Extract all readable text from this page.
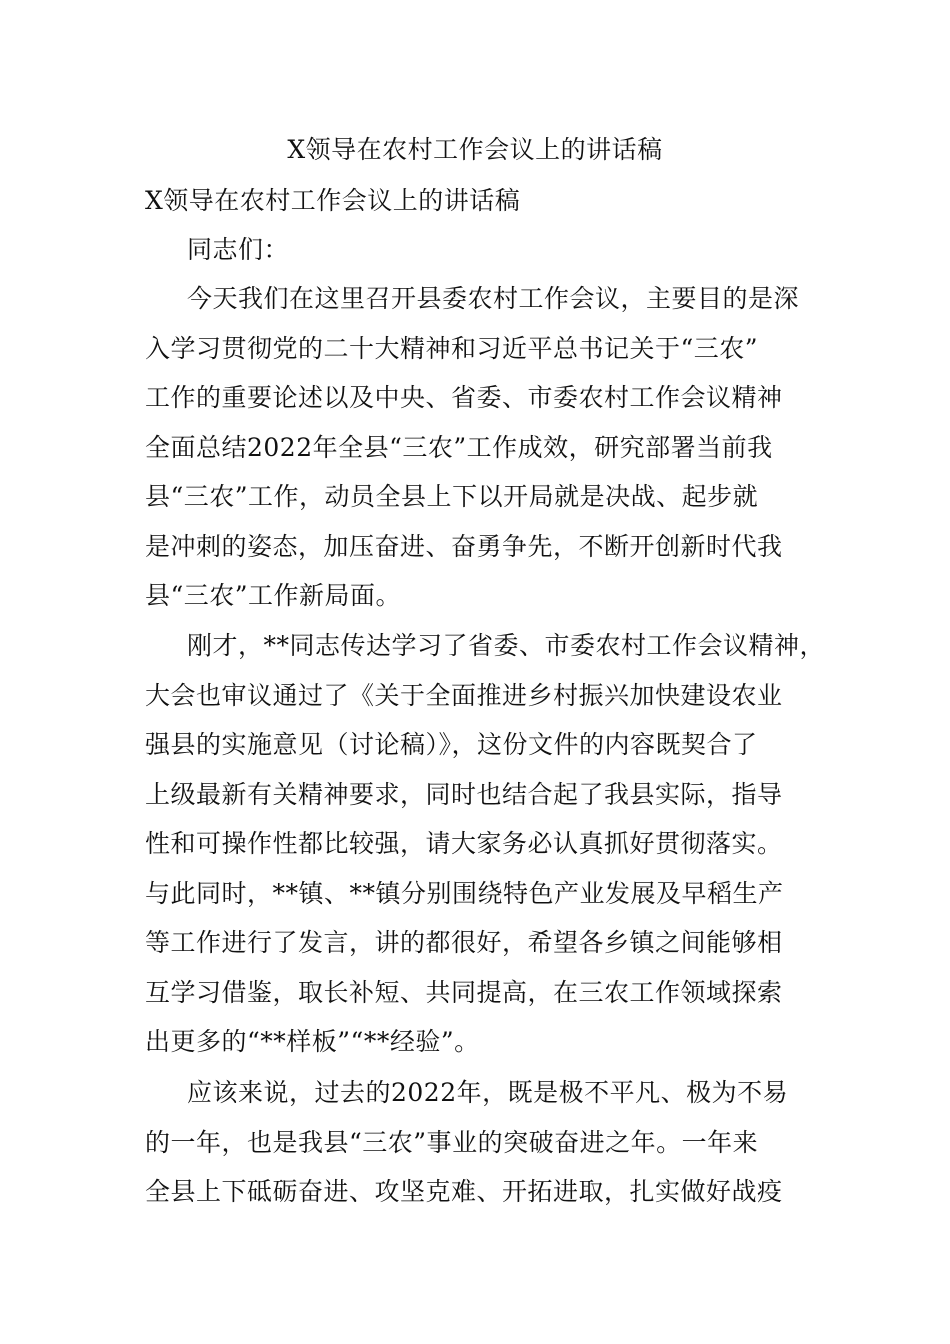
X领导在农村工作会议上的讲话稿
X领导在农村工作会议上的讲话稿
同志们：
今天我们在这里召开县委农村工作会议，主要目的是深
入学习贯彻党的二十大精神和习近平总书记关于“三农”
工作的重要论述以及中央、省委、市委农村工作会议精神
全面总结2022年全县“三农”工作成效，研究部署当前我
县“三农”工作，动员全县上下以开局就是决战、起步就
是冲刺的姿态，加压奋进、奋勇争先，不断开创新时代我
县“三农”工作新局面。
刚才，**同志传达学习了省委、市委农村工作会议精神，
大会也审议通过了《关于全面推进乡村振兴加快建设农业
强县的实施意见（讨论稿）》，这份文件的内容既契合了
上级最新有关精神要求，同时也结合起了我县实际，指导
性和可操作性都比较强，请大家务必认真抓好贯彻落实。
与此同时，**镇、**镇分别围绕特色产业发展及早稻生产
等工作进行了发言，讲的都很好，希望各乡镇之间能够相
互学习借鉴，取长补短、共同提高，在三农工作领域探索
出更多的“**样板”“**经验”。
应该来说，过去的2022年，既是极不平凡、极为不易
的一年，也是我县“三农”事业的突破奋进之年。一年来
全县上下砥砺奋进、攻坚克难、开拓进取，扎实做好战疫
